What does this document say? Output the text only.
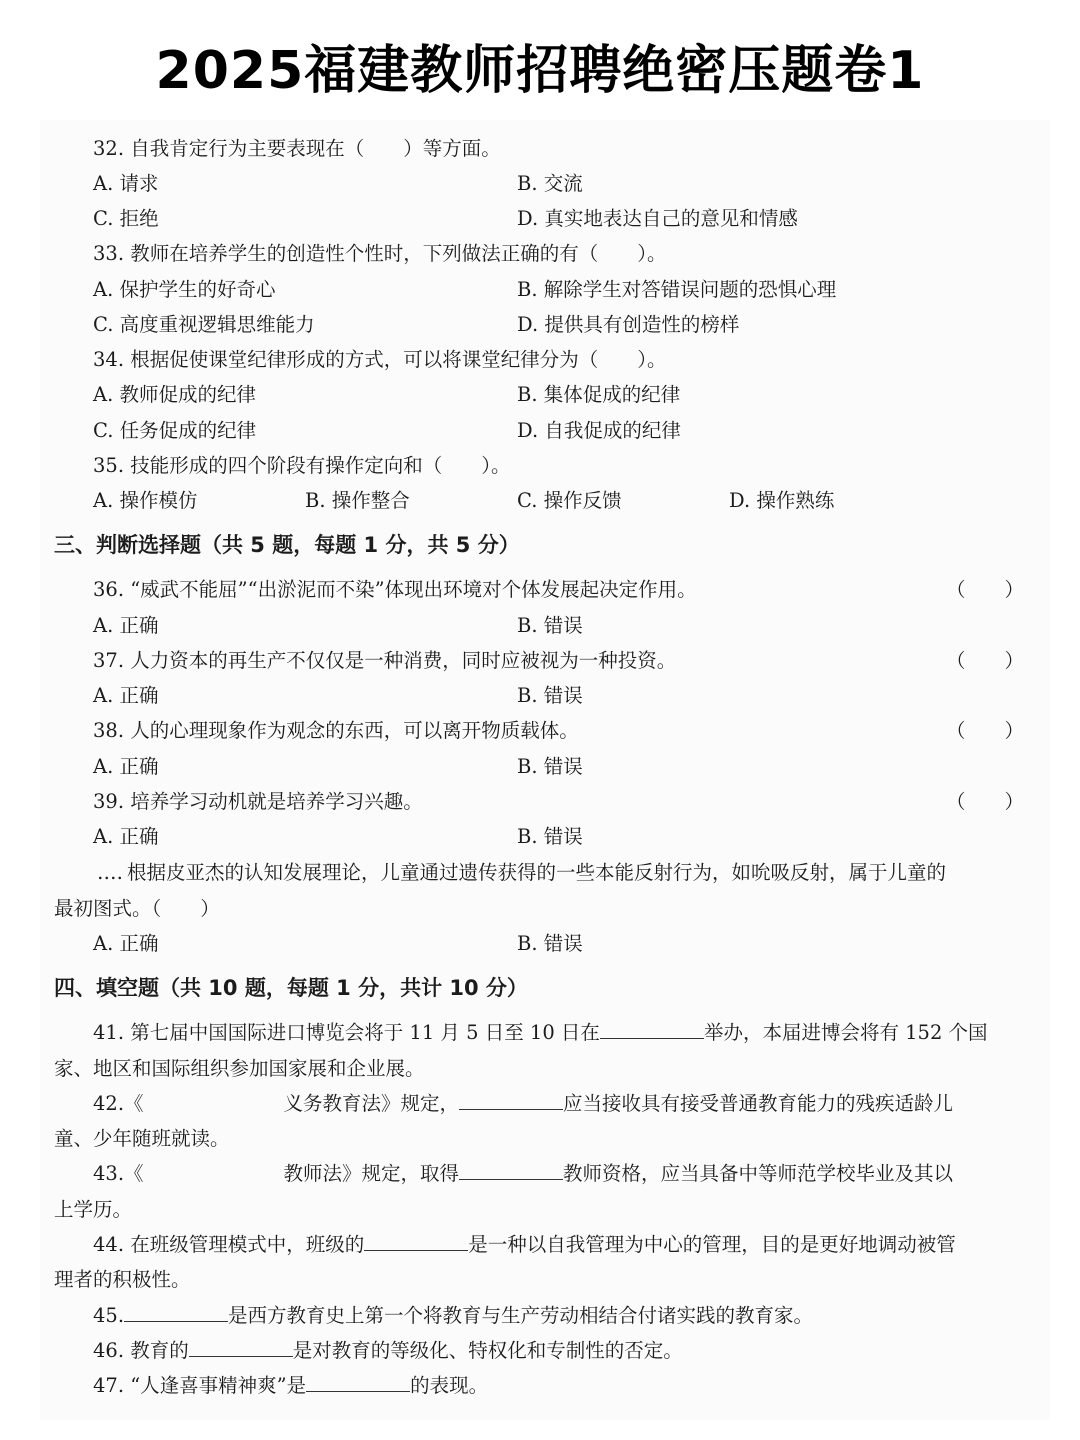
2025福建教师招聘绝密压题卷1
32. 自我肯定行为主要表现在（　　）等方面。
A. 请求	B. 交流
C. 拒绝	D. 真实地表达自己的意见和情感
33. 教师在培养学生的创造性个性时，下列做法正确的有（　　）。
A. 保护学生的好奇心	B. 解除学生对答错误问题的恐惧心理
C. 高度重视逻辑思维能力	D. 提供具有创造性的榜样
34. 根据促使课堂纪律形成的方式，可以将课堂纪律分为（　　）。
A. 教师促成的纪律	B. 集体促成的纪律
C. 任务促成的纪律	D. 自我促成的纪律
35. 技能形成的四个阶段有操作定向和（　　）。
A. 操作模仿	B. 操作整合	C. 操作反馈	D. 操作熟练
三、判断选择题（共 5 题，每题 1 分，共 5 分）
36. “威武不能屈”“出淤泥而不染”体现出环境对个体发展起决定作用。	（　　）
A. 正确	B. 错误
37. 人力资本的再生产不仅仅是一种消费，同时应被视为一种投资。	（　　）
A. 正确	B. 错误
38. 人的心理现象作为观念的东西，可以离开物质载体。	（　　）
A. 正确	B. 错误
39. 培养学习动机就是培养学习兴趣。	（　　）
A. 正确	B. 错误
‥‥ 根据皮亚杰的认知发展理论，儿童通过遗传获得的一些本能反射行为，如吮吸反射，属于儿童的
最初图式。（　　）
A. 正确	B. 错误
四、填空题（共 10 题，每题 1 分，共计 10 分）
41. 第七届中国国际进口博览会将于 11 月 5 日至 10 日在	举办，本届进博会将有 152 个国
家、地区和国际组织参加国家展和企业展。
42.《	义务教育法》规定，	应当接收具有接受普通教育能力的残疾适龄儿
童、少年随班就读。
43.《	教师法》规定，取得	教师资格，应当具备中等师范学校毕业及其以
上学历。
44. 在班级管理模式中，班级的	是一种以自我管理为中心的管理，目的是更好地调动被管
理者的积极性。
45.	是西方教育史上第一个将教育与生产劳动相结合付诸实践的教育家。
46. 教育的	是对教育的等级化、特权化和专制性的否定。
47. “人逢喜事精神爽”是	的表现。
